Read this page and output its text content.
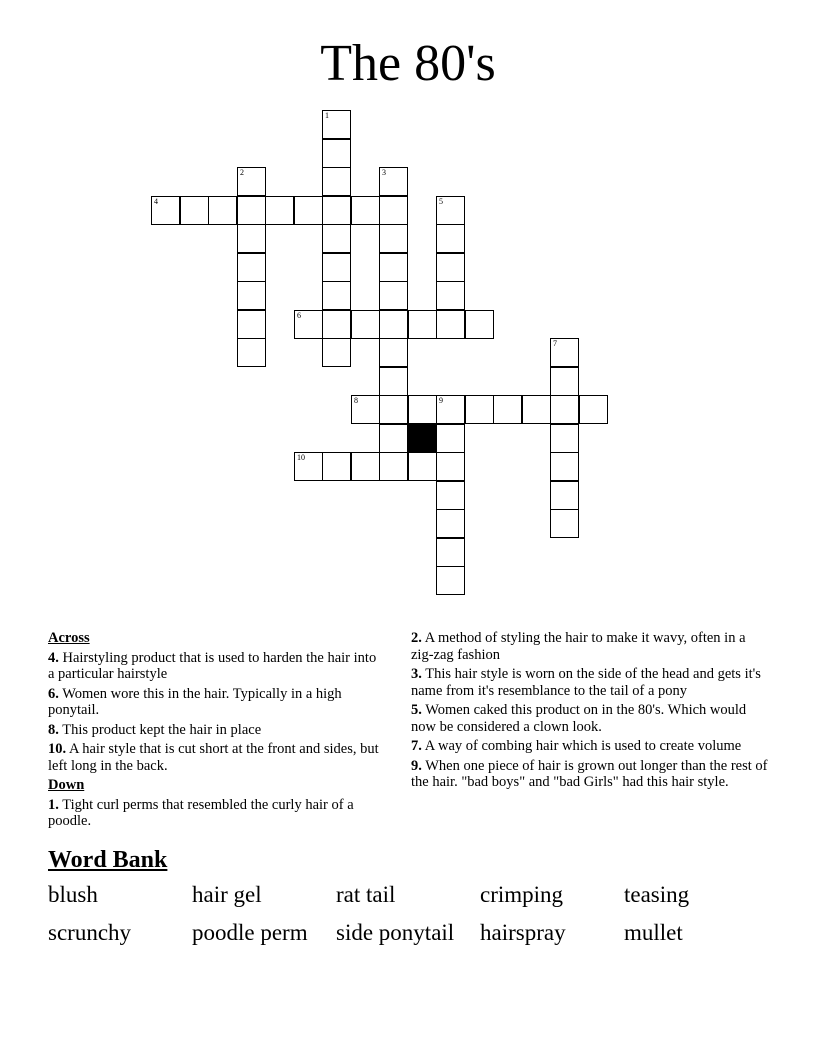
The 80's
1
2	3
4	5
6
7
8	9
10
Across
4. Hairstyling product that is used to harden the hair into a particular hairstyle
6. Women wore this in the hair. Typically in a high ponytail.
8. This product kept the hair in place
10. A hair style that is cut short at the front and sides, but left long in the back.
Down
1. Tight curl perms that resembled the curly hair of a poodle.
2. A method of styling the hair to make it wavy, often in a zig-zag fashion
3. This hair style is worn on the side of the head and gets it's name from it's resemblance to the tail of a pony
5. Women caked this product on in the 80's. Which would now be considered a clown look.
7. A way of combing hair which is used to create volume
9. When one piece of hair is grown out longer than the rest of the hair. "bad boys" and "bad Girls" had this hair style.
Word Bank
blush	hair gel	rat tail	crimping	teasing
scrunchy	poodle perm	side ponytail	hairspray	mullet
